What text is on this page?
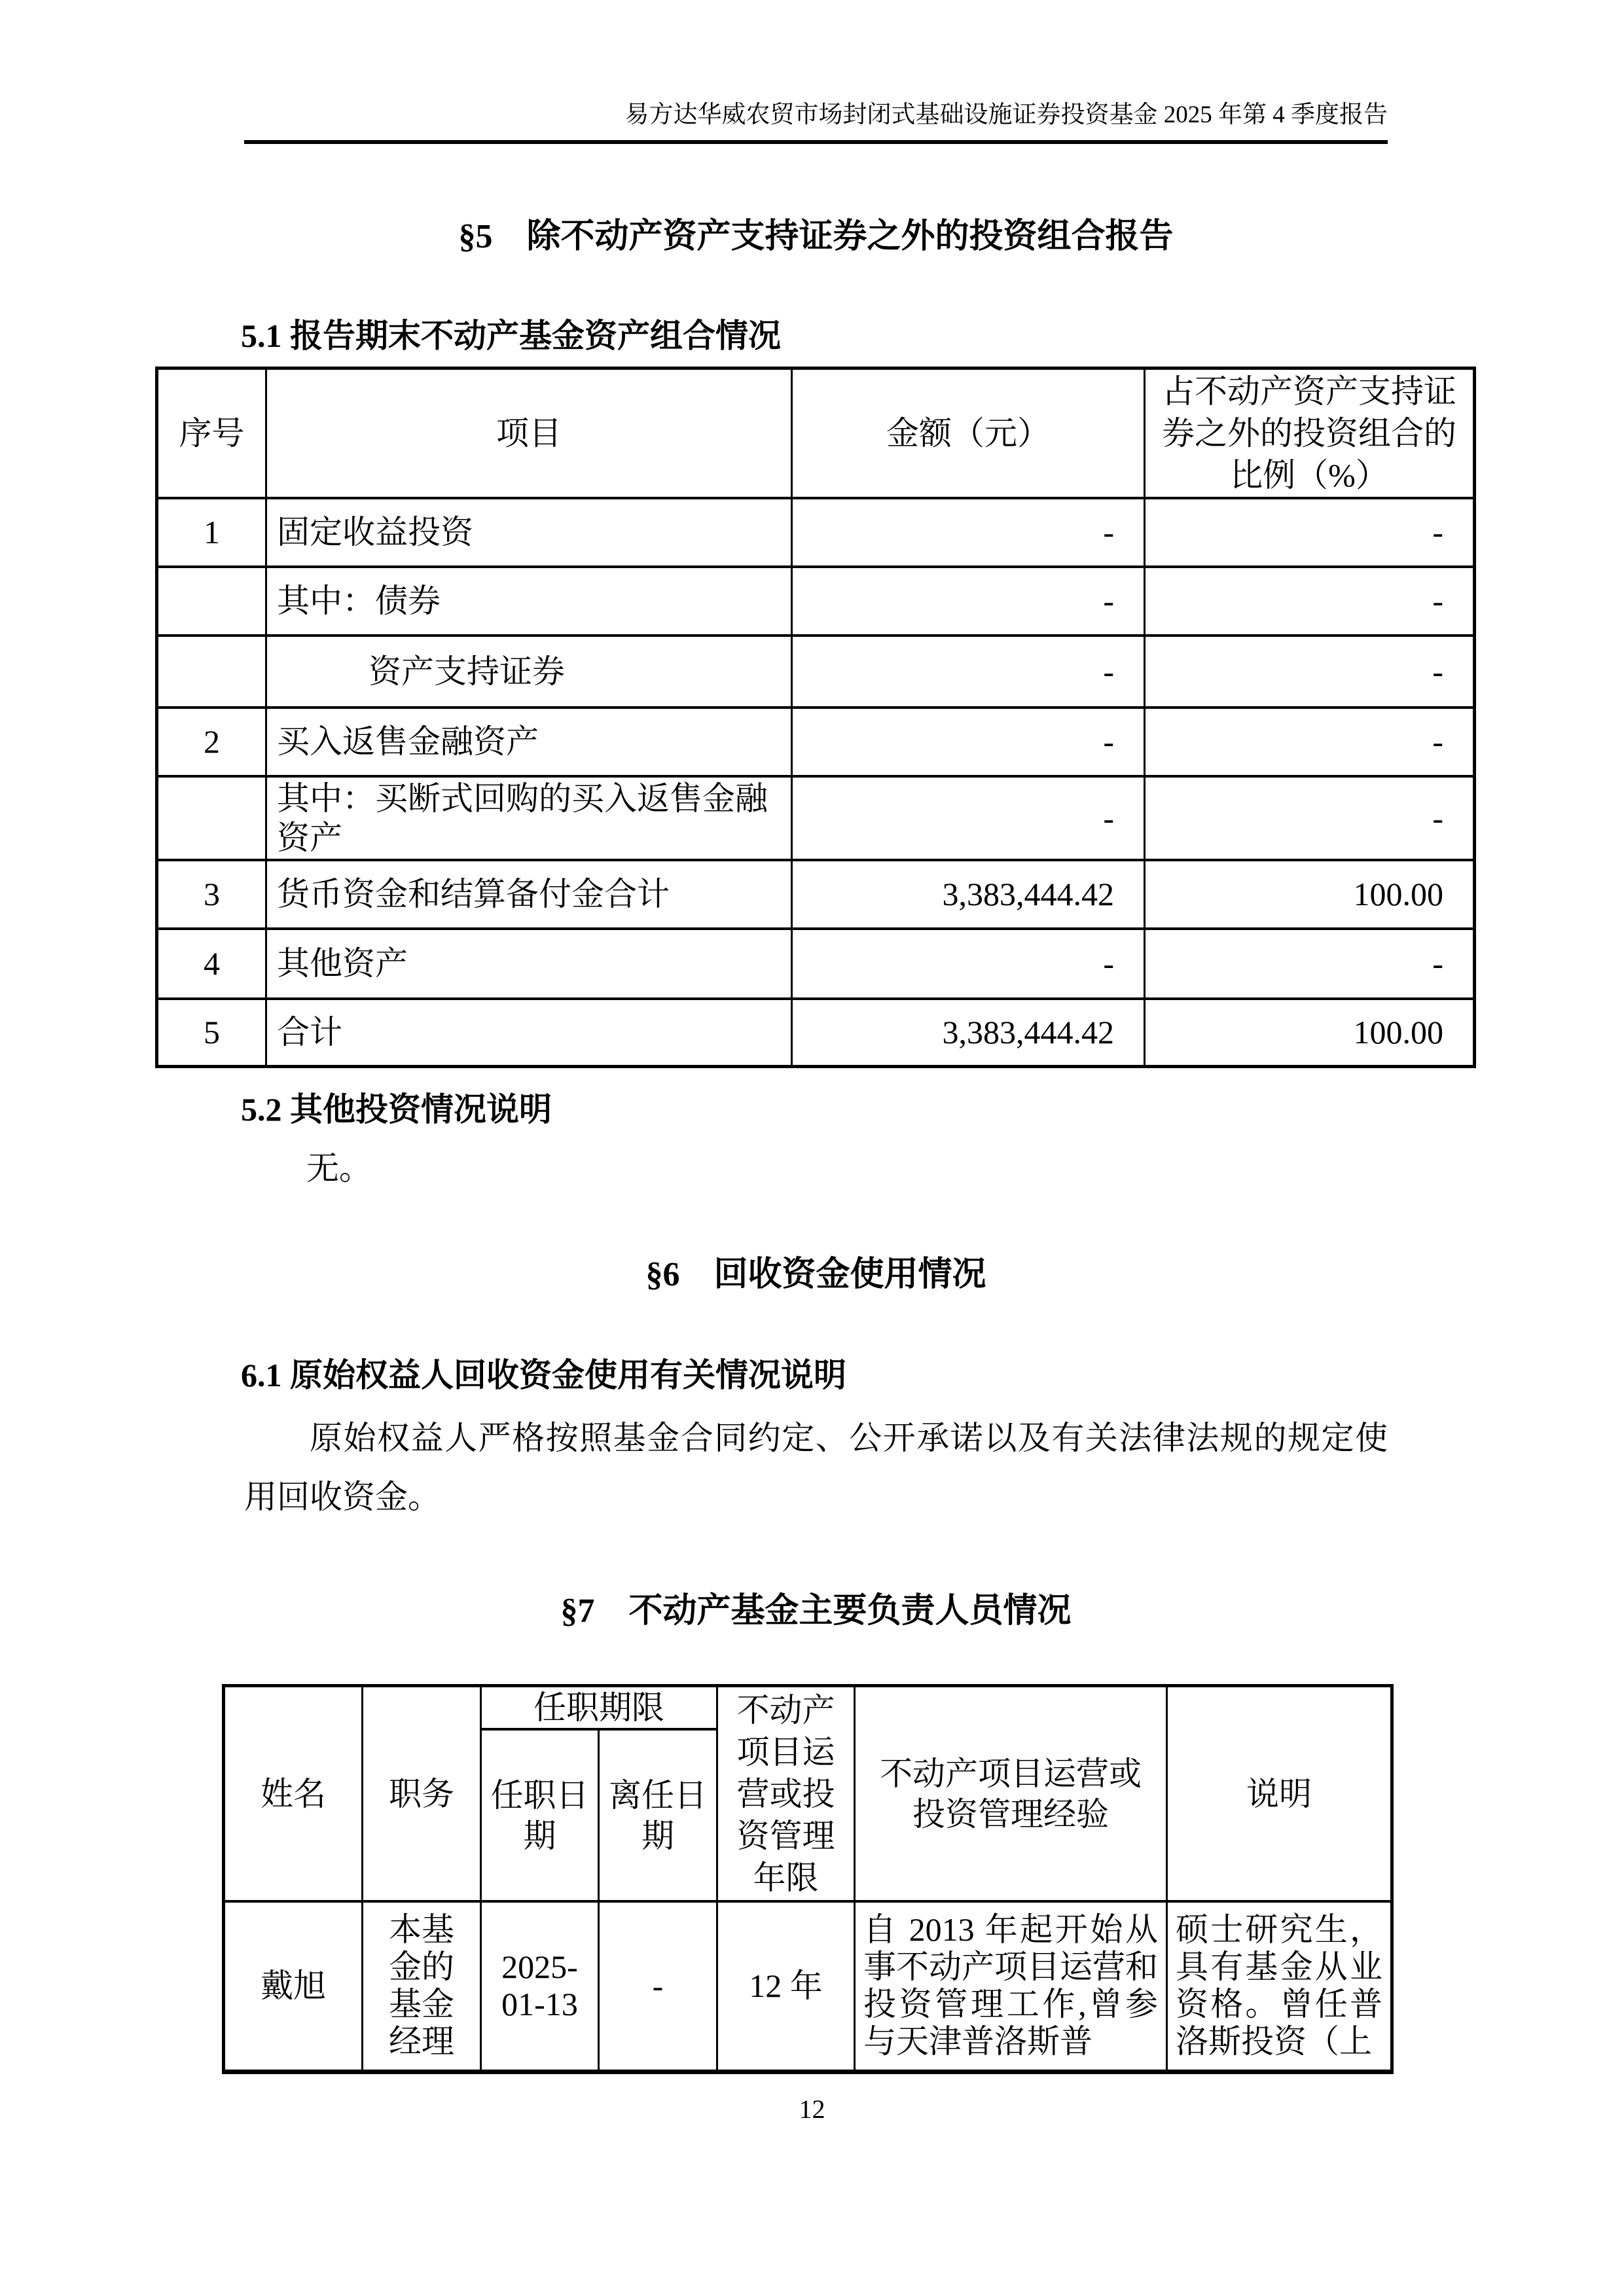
易方达华威农贸市场封闭式基础设施证券投资基金 2025 年第 4 季度报告
§5　除不动产资产支持证券之外的投资组合报告
5.1 报告期末不动产基金资产组合情况
序号	项目	金额（元）	占不动产资产支持证券之外的投资组合的比例（%）
1	固定收益投资	-	-
	其中：债券	-	-
	资产支持证券	-	-
2	买入返售金融资产	-	-
	其中：买断式回购的买入返售金融资产	-	-
3	货币资金和结算备付金合计	3,383,444.42	100.00
4	其他资产	-	-
5	合计	3,383,444.42	100.00
5.2 其他投资情况说明
无。
§6　回收资金使用情况
6.1 原始权益人回收资金使用有关情况说明
原始权益人严格按照基金合同约定、公开承诺以及有关法律法规的规定使用回收资金。
§7　不动产基金主要负责人员情况
姓名	职务	任职期限		不动产项目运营或投资管理年限	不动产项目运营或投资管理经验	说明
		任职日期	离任日期			
戴旭	本基金的基金经理	2025-01-13	-	12 年	自 2013 年起开始从事不动产项目运营和投资管理工作,曾参与天津普洛斯普	硕士研究生，具有基金从业资格。曾任普洛斯投资（上
12
